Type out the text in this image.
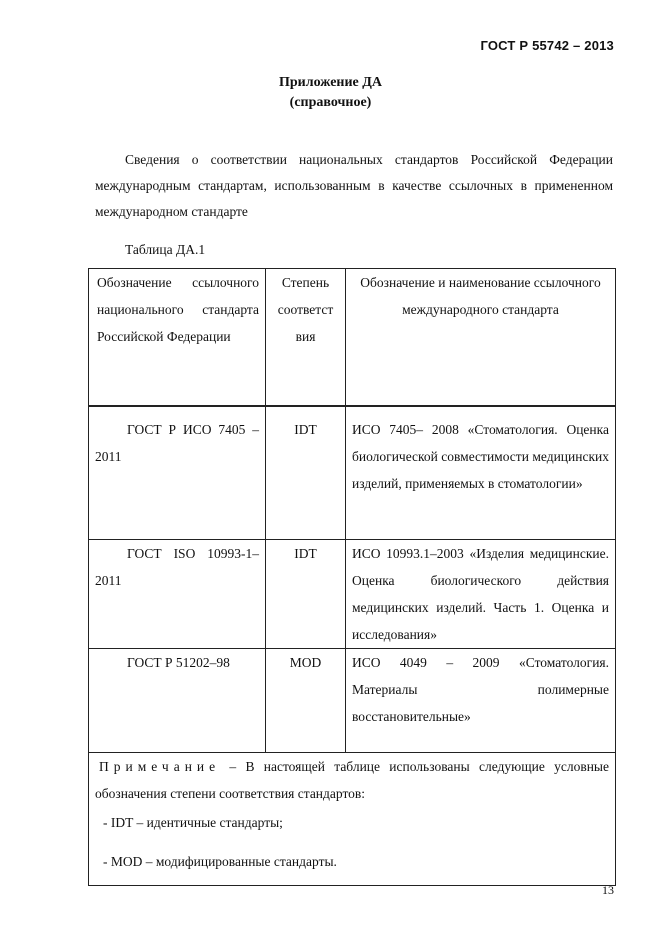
ГОСТ Р 55742 – 2013
Приложение ДА
(справочное)

Сведения о соответствии национальных стандартов Российской Федерации международным стандартам, использованным в качестве ссылочных в примененном международном стандарте

Таблица ДА.1
Обозначение ссылочного национального стандарта Российской Федерации	Степень соответст вия	Обозначение и наименование ссылочного международного стандарта
ГОСТ Р ИСО 7405 – 2011	IDT	ИСО 7405– 2008 «Стоматология. Оценка биологической совместимости медицинских изделий, применяемых в стоматологии»
ГОСТ ISO 10993-1–2011	IDT	ИСО 10993.1–2003 «Изделия медицинские. Оценка биологического действия медицинских изделий. Часть 1. Оценка и исследования»
ГОСТ Р 51202–98	MOD	ИСО 4049 – 2009 «Стоматология. Материалы полимерные восстановительные»

Примечание – В настоящей таблице использованы следующие условные обозначения степени соответствия стандартов:
- IDT – идентичные стандарты;
- MOD – модифицированные стандарты.		
13
